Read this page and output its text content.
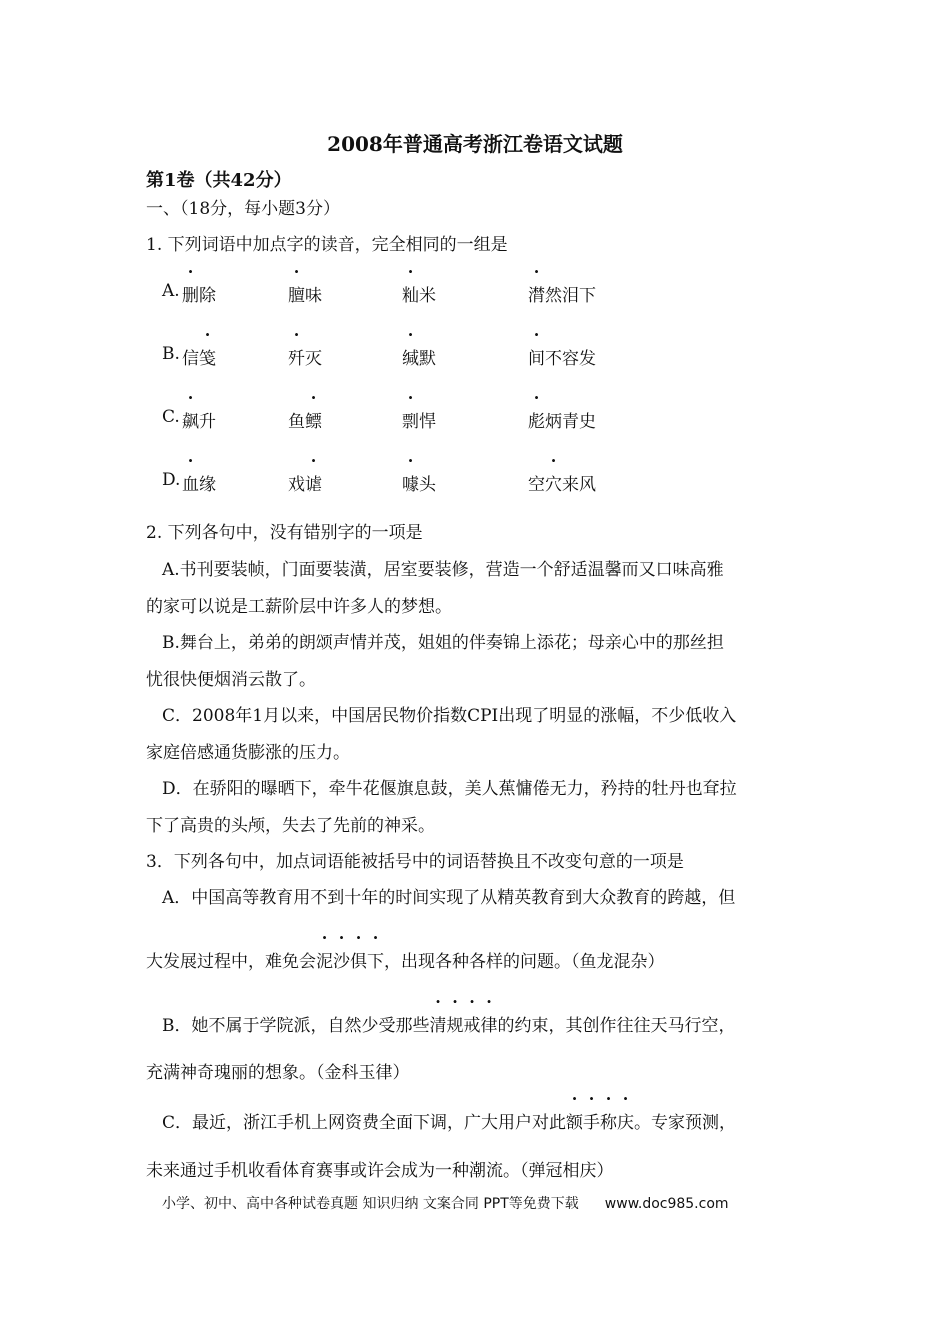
2008年普通高考浙江卷语文试题
第1卷（共42分）
一、（18分，每小题3分）
1. 下列词语中加点字的读音，完全相同的一组是
A. 删除	膻味	籼米	潸然泪下
B. 信笺	歼灭	缄默	间不容发
C. 飙升	鱼鳔	剽悍	彪炳青史
D. 血缘	戏谑	噱头	空穴来风
2. 下列各句中，没有错别字的一项是
A.书刊要装帧，门面要装潢，居室要装修，营造一个舒适温馨而又口味高雅
的家可以说是工薪阶层中许多人的梦想。
B.舞台上，弟弟的朗颂声情并茂，姐姐的伴奏锦上添花；母亲心中的那丝担
忧很快便烟消云散了。
C．2008年1月以来，中国居民物价指数CPI出现了明显的涨幅，不少低收入
家庭倍感通货膨涨的压力。
D．在骄阳的曝晒下，牵牛花偃旗息鼓，美人蕉慵倦无力，矜持的牡丹也耷拉
下了高贵的头颅，失去了先前的神采。
3．下列各句中，加点词语能被括号中的词语替换且不改变句意的一项是
A．中国高等教育用不到十年的时间实现了从精英教育到大众教育的跨越，但
大发展过程中，难免会泥沙俱下，出现各种各样的问题。（鱼龙混杂）
B．她不属于学院派，自然少受那些清规戒律的约束，其创作往往天马行空，
充满神奇瑰丽的想象。（金科玉律）
C．最近，浙江手机上网资费全面下调，广大用户对此额手称庆。专家预测，
未来通过手机收看体育赛事或许会成为一种潮流。（弹冠相庆）
小学、初中、高中各种试卷真题 知识归纳 文案合同 PPT等免费下载 www.doc985.com
